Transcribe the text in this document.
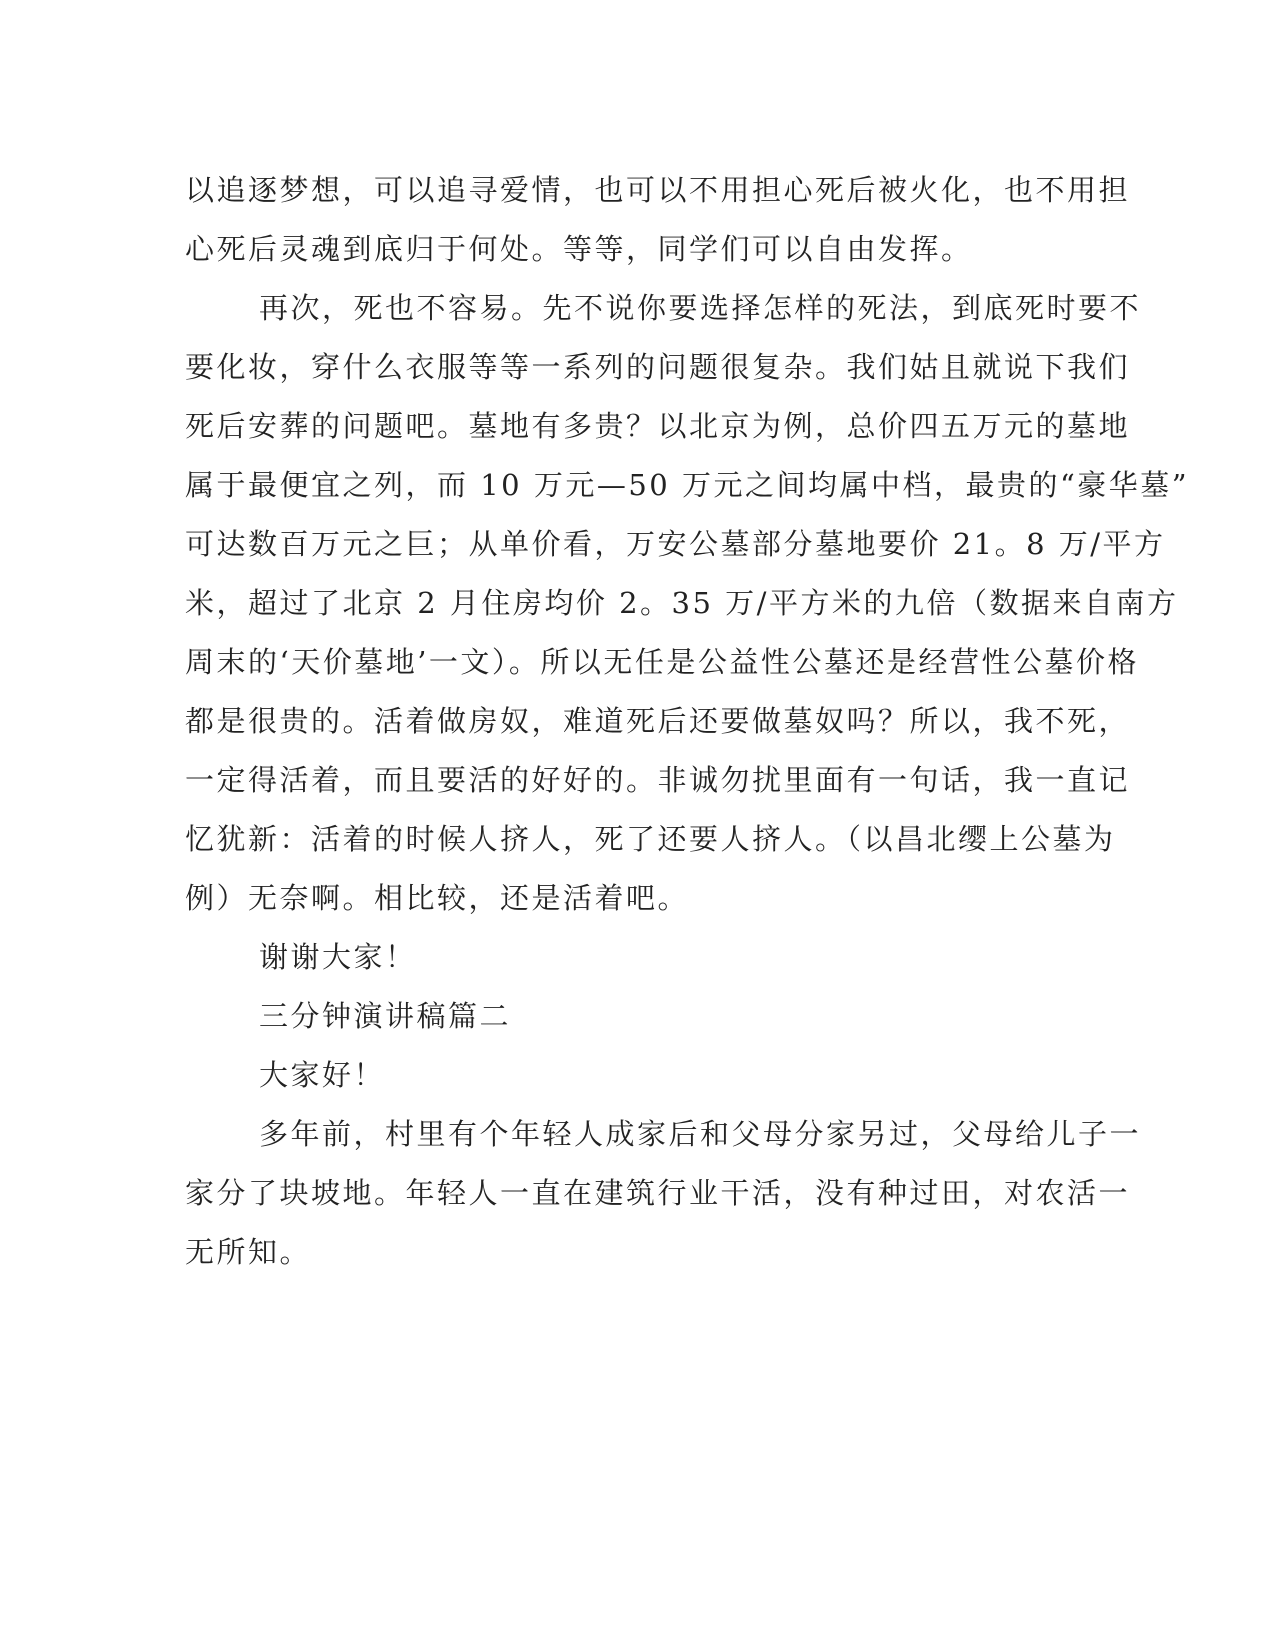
以追逐梦想，可以追寻爱情，也可以不用担心死后被火化，也不用担
心死后灵魂到底归于何处。等等，同学们可以自由发挥。
再次，死也不容易。先不说你要选择怎样的死法，到底死时要不
要化妆，穿什么衣服等等一系列的问题很复杂。我们姑且就说下我们
死后安葬的问题吧。墓地有多贵？以北京为例，总价四五万元的墓地
属于最便宜之列，而 10 万元—50 万元之间均属中档，最贵的“豪华墓”
可达数百万元之巨；从单价看，万安公墓部分墓地要价 21。8 万/平方
米，超过了北京 2 月住房均价 2。35 万/平方米的九倍（数据来自南方
周末的‘天价墓地’一文）。所以无任是公益性公墓还是经营性公墓价格
都是很贵的。活着做房奴，难道死后还要做墓奴吗？所以，我不死，
一定得活着，而且要活的好好的。非诚勿扰里面有一句话，我一直记
忆犹新：活着的时候人挤人，死了还要人挤人。（以昌北缨上公墓为
例）无奈啊。相比较，还是活着吧。
谢谢大家！
三分钟演讲稿篇二
大家好！
多年前，村里有个年轻人成家后和父母分家另过，父母给儿子一
家分了块坡地。年轻人一直在建筑行业干活，没有种过田，对农活一
无所知。
